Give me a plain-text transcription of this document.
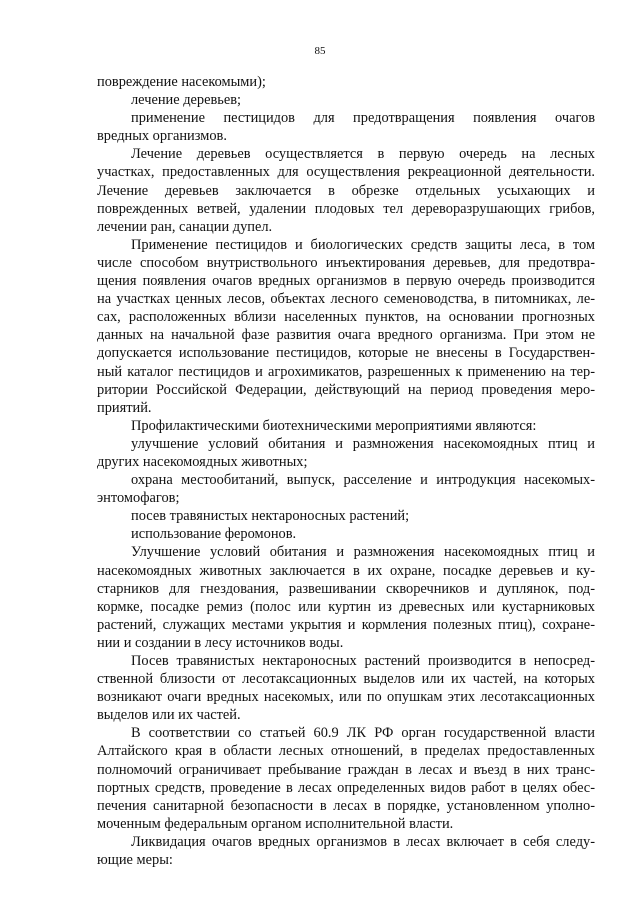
85
повреждение насекомыми);
лечение деревьев;
применение пестицидов для предотвращения появления очагов
вредных организмов.
Лечение деревьев осуществляется в первую очередь на лесных
участках, предоставленных для осуществления рекреационной деятельности.
Лечение деревьев заключается в обрезке отдельных усыхающих и
поврежденных ветвей, удалении плодовых тел дереворазрушающих грибов,
лечении ран, санации дупел.
Применение пестицидов и биологических средств защиты леса, в том
числе способом внутриствольного инъектирования деревьев, для предотвра-
щения появления очагов вредных организмов в первую очередь производится
на участках ценных лесов, объектах лесного семеноводства, в питомниках, ле-
сах, расположенных вблизи населенных пунктов, на основании прогнозных
данных на начальной фазе развития очага вредного организма. При этом не
допускается использование пестицидов, которые не внесены в Государствен-
ный каталог пестицидов и агрохимикатов, разрешенных к применению на тер-
ритории Российской Федерации, действующий на период проведения меро-
приятий.
Профилактическими биотехническими мероприятиями являются:
улучшение условий обитания и размножения насекомоядных птиц и
других насекомоядных животных;
охрана местообитаний, выпуск, расселение и интродукция насекомых-
энтомофагов;
посев травянистых нектароносных растений;
использование феромонов.
Улучшение условий обитания и размножения насекомоядных птиц и
насекомоядных животных заключается в их охране, посадке деревьев и ку-
старников для гнездования, развешивании скворечников и дуплянок, под-
кормке, посадке ремиз (полос или куртин из древесных или кустарниковых
растений, служащих местами укрытия и кормления полезных птиц), сохране-
нии и создании в лесу источников воды.
Посев травянистых нектароносных растений производится в непосред-
ственной близости от лесотаксационных выделов или их частей, на которых
возникают очаги вредных насекомых, или по опушкам этих лесотаксационных
выделов или их частей.
В соответствии со статьей 60.9 ЛК РФ орган государственной власти
Алтайского края в области лесных отношений, в пределах предоставленных
полномочий ограничивает пребывание граждан в лесах и въезд в них транс-
портных средств, проведение в лесах определенных видов работ в целях обес-
печения санитарной безопасности в лесах в порядке, установленном уполно-
моченным федеральным органом исполнительной власти.
Ликвидация очагов вредных организмов в лесах включает в себя следу-
ющие меры:
